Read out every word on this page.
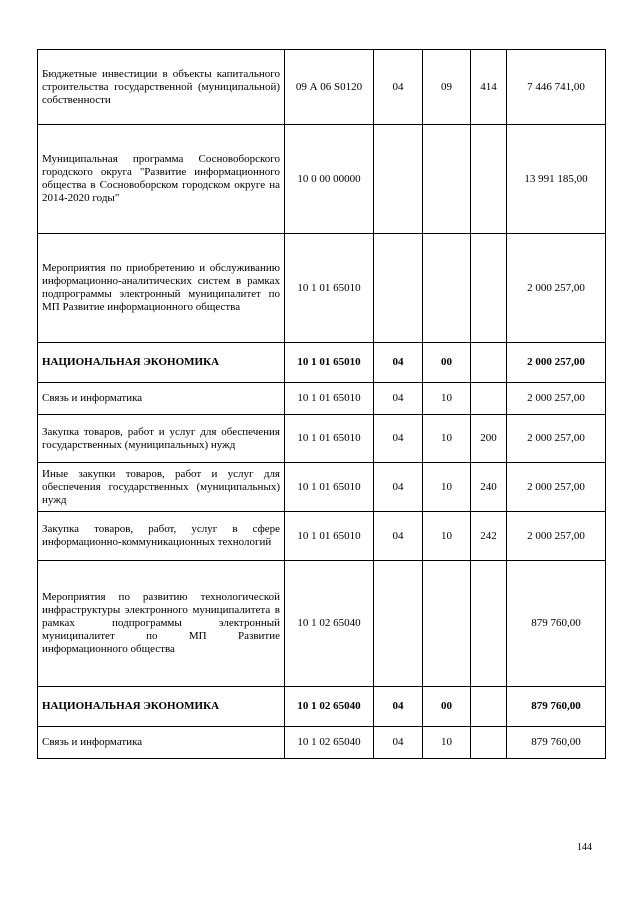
Бюджетные инвестиции в объекты капитального строительства государственной (муниципальной) собственности	09 А 06 S0120	04	09	414	7 446 741,00
Муниципальная программа Сосновоборского городского округа "Развитие информационного общества в Сосновоборском городском округе на 2014-2020 годы"	10 0 00 00000				13 991 185,00
Мероприятия по приобретению и обслуживанию информационно-аналитических систем в рамках подпрограммы электронный муниципалитет по МП Развитие информационного общества	10 1 01 65010				2 000 257,00
НАЦИОНАЛЬНАЯ ЭКОНОМИКА	10 1 01 65010	04	00		2 000 257,00
Связь и информатика	10 1 01 65010	04	10		2 000 257,00
Закупка товаров, работ и услуг для обеспечения государственных (муниципальных) нужд	10 1 01 65010	04	10	200	2 000 257,00
Иные закупки товаров, работ и услуг для обеспечения государственных (муниципальных) нужд	10 1 01 65010	04	10	240	2 000 257,00
Закупка товаров, работ, услуг в сфере информационно-коммуникационных технологий	10 1 01 65010	04	10	242	2 000 257,00
Мероприятия по развитию технологической инфраструктуры электронного муниципалитета в рамках подпрограммы электронный муниципалитет по МП Развитие информационного общества	10 1 02 65040				879 760,00
НАЦИОНАЛЬНАЯ ЭКОНОМИКА	10 1 02 65040	04	00		879 760,00
Связь и информатика	10 1 02 65040	04	10		879 760,00
144
